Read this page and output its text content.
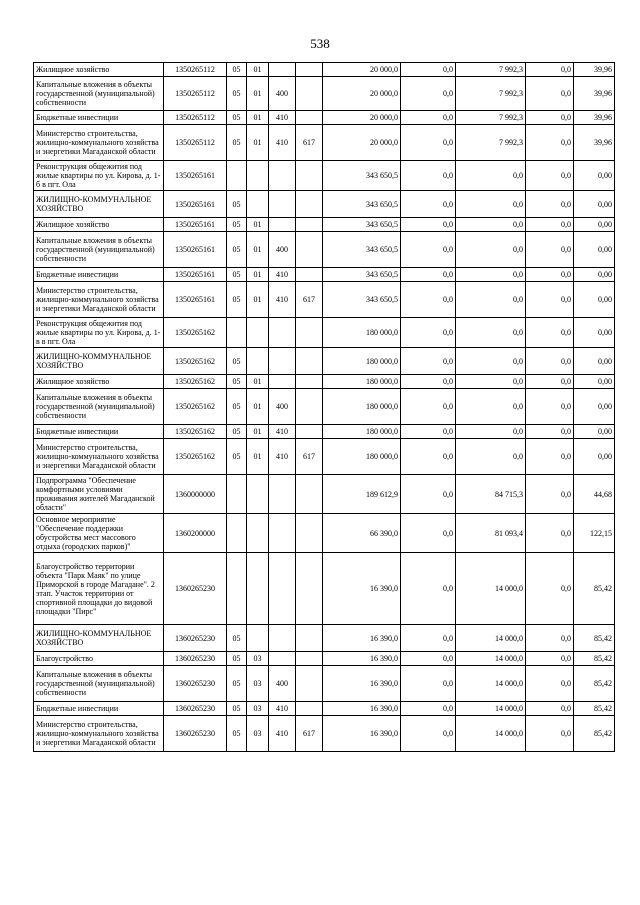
538
Жилищное хозяйство	1350265112	05	01			20 000,0	0,0	7 992,3	0,0	39,96
Капитальные вложения в объекты государственной (муниципальной) собственности	1350265112	05	01	400		20 000,0	0,0	7 992,3	0,0	39,96
Бюджетные инвестиции	1350265112	05	01	410		20 000,0	0,0	7 992,3	0,0	39,96
Министерство строительства, жилищно-коммунального хозяйства и энергетики Магаданской области	1350265112	05	01	410	617	20 000,0	0,0	7 992,3	0,0	39,96
Реконструкция общежития под жилые квартиры по ул. Кирова, д. 1-б в пгт. Ола	1350265161					343 650,5	0,0	0,0	0,0	0,00
ЖИЛИЩНО-КОММУНАЛЬНОЕ ХОЗЯЙСТВО	1350265161	05				343 650,5	0,0	0,0	0,0	0,00
Жилищное хозяйство	1350265161	05	01			343 650,5	0,0	0,0	0,0	0,00
Капитальные вложения в объекты государственной (муниципальной) собственности	1350265161	05	01	400		343 650,5	0,0	0,0	0,0	0,00
Бюджетные инвестиции	1350265161	05	01	410		343 650,5	0,0	0,0	0,0	0,00
Министерство строительства, жилищно-коммунального хозяйства и энергетики Магаданской области	1350265161	05	01	410	617	343 650,5	0,0	0,0	0,0	0,00
Реконструкция общежития под жилые квартиры по ул. Кирова, д. 1-в в пгт. Ола	1350265162					180 000,0	0,0	0,0	0,0	0,00
ЖИЛИЩНО-КОММУНАЛЬНОЕ ХОЗЯЙСТВО	1350265162	05				180 000,0	0,0	0,0	0,0	0,00
Жилищное хозяйство	1350265162	05	01			180 000,0	0,0	0,0	0,0	0,00
Капитальные вложения в объекты государственной (муниципальной) собственности	1350265162	05	01	400		180 000,0	0,0	0,0	0,0	0,00
Бюджетные инвестиции	1350265162	05	01	410		180 000,0	0,0	0,0	0,0	0,00
Министерство строительства, жилищно-коммунального хозяйства и энергетики Магаданской области	1350265162	05	01	410	617	180 000,0	0,0	0,0	0,0	0,00
Подпрограмма "Обеспечение комфортными условиями проживания жителей Магаданской области"	1360000000					189 612,9	0,0	84 715,3	0,0	44,68
Основное мероприятие "Обеспечение поддержки обустройства мест массового отдыха (городских парков)"	1360200000					66 390,0	0,0	81 093,4	0,0	122,15
Благоустройство территории объекта "Парк Маяк" по улице Приморской в городе Магадане". 2 этап. Участок территории от спортивной площадки до видовой площадки "Пирс"	1360265230					16 390,0	0,0	14 000,0	0,0	85,42
ЖИЛИЩНО-КОММУНАЛЬНОЕ ХОЗЯЙСТВО	1360265230	05				16 390,0	0,0	14 000,0	0,0	85,42
Благоустройство	1360265230	05	03			16 390,0	0,0	14 000,0	0,0	85,42
Капитальные вложения в объекты государственной (муниципальной) собственности	1360265230	05	03	400		16 390,0	0,0	14 000,0	0,0	85,42
Бюджетные инвестиции	1360265230	05	03	410		16 390,0	0,0	14 000,0	0,0	85,42
Министерство строительства, жилищно-коммунального хозяйства и энергетики Магаданской области	1360265230	05	03	410	617	16 390,0	0,0	14 000,0	0,0	85,42
